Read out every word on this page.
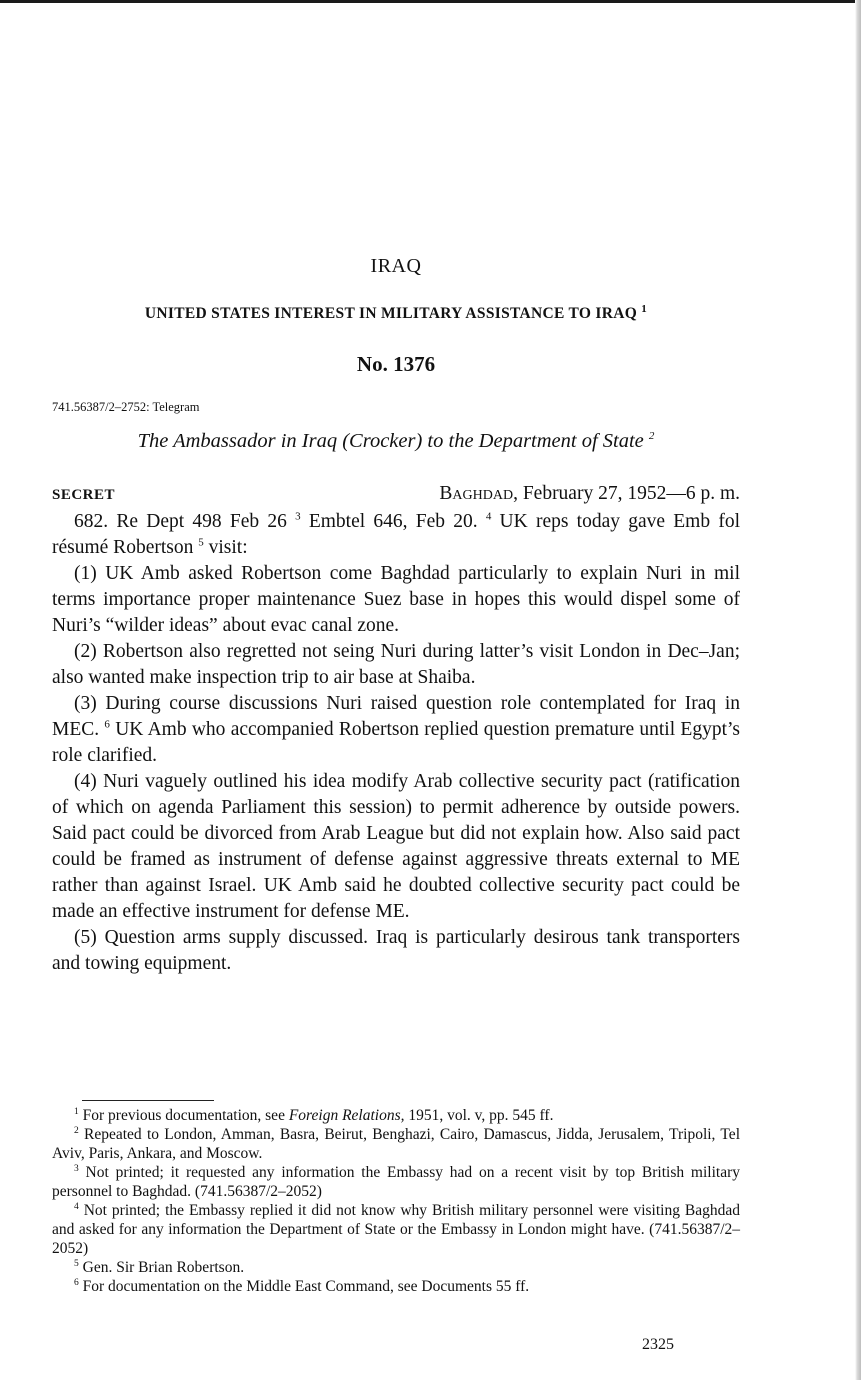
IRAQ
UNITED STATES INTEREST IN MILITARY ASSISTANCE TO IRAQ $^1$
No. 1376
741.56387/2–2752: Telegram
The Ambassador in Iraq (Crocker) to the Department of State $^2$
SECRET	Baghdad, February 27, 1952—6 p. m.

682. Re Dept 498 Feb 26 $^3$ Embtel 646, Feb 20. $^4$ UK reps today gave Emb fol résumé Robertson $^5$ visit:

(1) UK Amb asked Robertson come Baghdad particularly to explain Nuri in mil terms importance proper maintenance Suez base in hopes this would dispel some of Nuri’s “wilder ideas” about evac canal zone.

(2) Robertson also regretted not seing Nuri during latter’s visit London in Dec–Jan; also wanted make inspection trip to air base at Shaiba.

(3) During course discussions Nuri raised question role contemplated for Iraq in MEC. $^6$ UK Amb who accompanied Robertson replied question premature until Egypt’s role clarified.

(4) Nuri vaguely outlined his idea modify Arab collective security pact (ratification of which on agenda Parliament this session) to permit adherence by outside powers. Said pact could be divorced from Arab League but did not explain how. Also said pact could be framed as instrument of defense against aggressive threats external to ME rather than against Israel. UK Amb said he doubted collective security pact could be made an effective instrument for defense ME.

(5) Question arms supply discussed. Iraq is particularly desirous tank transporters and towing equipment.

$^1$ For previous documentation, see Foreign Relations, 1951, vol. v, pp. 545 ff.

$^2$ Repeated to London, Amman, Basra, Beirut, Benghazi, Cairo, Damascus, Jidda, Jerusalem, Tripoli, Tel Aviv, Paris, Ankara, and Moscow.

$^3$ Not printed; it requested any information the Embassy had on a recent visit by top British military personnel to Baghdad. (741.56387/2–2052)

$^4$ Not printed; the Embassy replied it did not know why British military personnel were visiting Baghdad and asked for any information the Department of State or the Embassy in London might have. (741.56387/2–2052)

$^5$ Gen. Sir Brian Robertson.

$^6$ For documentation on the Middle East Command, see Documents 55 ff.

2325
